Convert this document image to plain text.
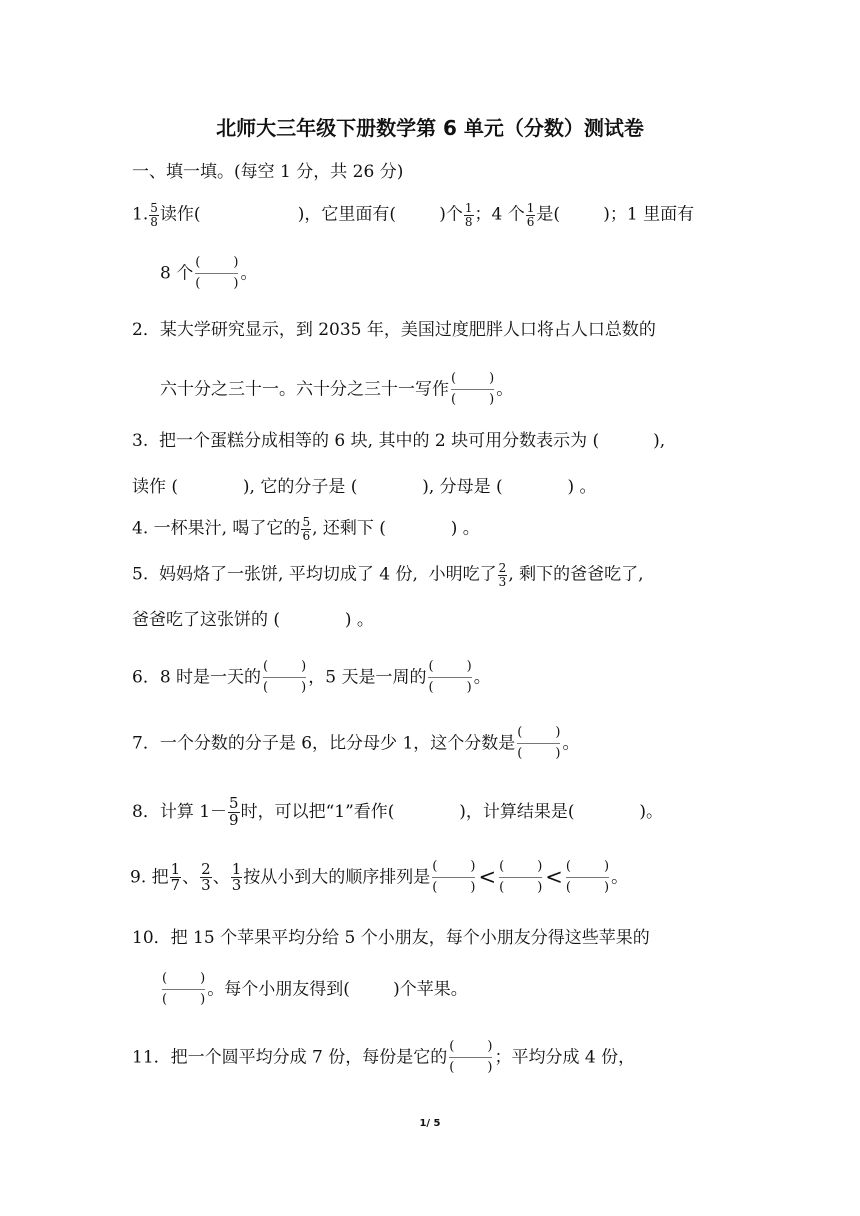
北师大三年级下册数学第 6 单元（分数）测试卷
一、填一填。(每空 1 分，共 26 分)
1. $\frac{5}{8}$ 读作(                  )，它里面有(        )个 $\frac{1}{8}$ ；4 个 $\frac{1}{6}$ 是(        )；1 里面有
8 个
(        )
(        ) 。
2．某大学研究显示，到 2035 年，美国过度肥胖人口将占人口总数的
六十分之三十一。六十分之三十一写作
(        )
(        ) 。
3.  把一个蛋糕分成相等的 6 块, 其中的 2 块可用分数表示为 (          ),
读作 (            ), 它的分子是 (            ), 分母是 (            ) 。
4. 一杯果汁, 喝了它的 $\frac{5}{6}$ , 还剩下 (            ) 。
5.  妈妈烙了一张饼, 平均切成了 4 份,  小明吃了 $\frac{2}{3}$ , 剩下的爸爸吃了,
爸爸吃了这张饼的 (            ) 。
6．8 时是一天的
(        )
(        ) ，5 天是一周的
(        )
(        ) 。
7．一个分数的分子是 6，比分母少 1，这个分数是
(        )
(        ) 。
8．计算 $1- \frac{5}{9}$ 时，可以把“1”看作(            )，计算结果是(            )。
9. 把 $\frac{1}{7}$ 、 $\frac{2}{3}$ 、 $\frac{1}{3}$ 按从小到大的顺序排列是
(        )
(        ) < (        )
(        ) < (        )
(        ) 。
10．把 15 个苹果平均分给 5 个小朋友，每个小朋友分得这些苹果的
(        )
(        ) 。每个小朋友得到(        )个苹果。
11．把一个圆平均分成 7 份，每份是它的
(        )
(        ) ；平均分成 4 份，
1/ 5
